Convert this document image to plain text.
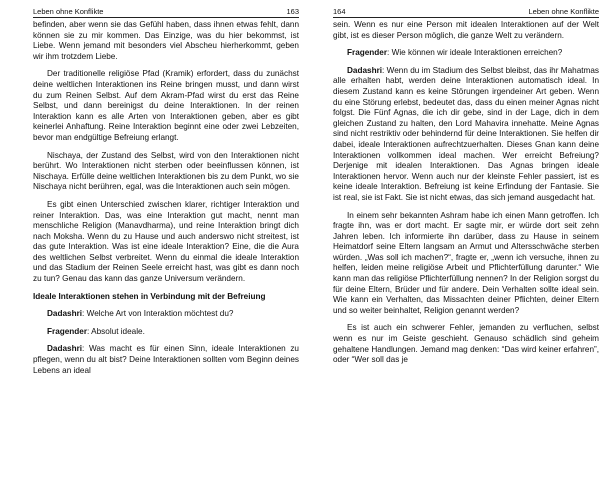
Leben ohne Konflikte	163

befinden, aber wenn sie das Gefühl haben, dass ihnen etwas fehlt, dann können sie zu mir kommen. Das Einzige, was du hier bekommst, ist Liebe. Wenn jemand mit besonders viel Abscheu hierherkommt, geben wir ihm trotzdem Liebe.

Der traditionelle religiöse Pfad (Kramik) erfordert, dass du zunächst deine weltlichen Interaktionen ins Reine bringen musst, und dann wirst du zum Reinen Selbst. Auf dem Akram-Pfad wirst du erst das Reine Selbst, und dann bereinigst du deine Interaktionen. In der reinen Interaktion kann es alle Arten von Interaktionen geben, aber es gibt keinerlei Anhaftung. Reine Interaktion beginnt eine oder zwei Lebzeiten, bevor man endgültige Befreiung erlangt.

Nischaya, der Zustand des Selbst, wird von den Interaktionen nicht berührt. Wo Interaktionen nicht sterben oder beeinflussen können, ist Nischaya. Erfülle deine weltlichen Interaktionen bis zu dem Punkt, wo sie Nischaya nicht berühren, egal, was die Interaktionen auch sein mögen.

Es gibt einen Unterschied zwischen klarer, richtiger Interaktion und reiner Interaktion. Das, was eine Interaktion gut macht, nennt man menschliche Religion (Manavdharma), und reine Interaktion bringt dich nach Moksha. Wenn du zu Hause und auch anderswo nicht streitest, ist das gute Interaktion. Was ist eine ideale Interaktion? Eine, die die Aura des weltlichen Selbst verbreitet. Wenn du einmal die ideale Interaktion und das Stadium der Reinen Seele erreicht hast, was gibt es dann noch zu tun? Genau das kann das ganze Universum verändern.

Ideale Interaktionen stehen in Verbindung mit der Befreiung

Dadashri: Welche Art von Interaktion möchtest du?

Fragender: Absolut ideale.

Dadashri: Was macht es für einen Sinn, ideale Interaktionen zu pflegen, wenn du alt bist? Deine Interaktionen sollten vom Beginn deines Lebens an ideal

164	Leben ohne Konflikte

sein. Wenn es nur eine Person mit idealen Interaktionen auf der Welt gibt, ist es dieser Person möglich, die ganze Welt zu verändern.

Fragender: Wie können wir ideale Interaktionen erreichen?

Dadashri: Wenn du im Stadium des Selbst bleibst, das ihr Mahatmas alle erhalten habt, werden deine Interaktionen automatisch ideal. In diesem Zustand kann es keine Störungen irgendeiner Art geben. Wenn du eine Störung erlebst, bedeutet das, dass du einen meiner Agnas nicht folgst. Die Fünf Agnas, die ich dir gebe, sind in der Lage, dich in dem gleichen Zustand zu halten, den Lord Mahavira innehatte. Meine Agnas sind nicht restriktiv oder behindernd für deine Interaktionen. Sie helfen dir dabei, ideale Interaktionen aufrechtzuerhalten. Dieses Gnan kann deine Interaktionen vollkommen ideal machen. Wer erreicht Befreiung? Derjenige mit idealen Interaktionen. Das Agnas bringen ideale Interaktionen hervor. Wenn auch nur der kleinste Fehler passiert, ist es keine ideale Interaktion. Befreiung ist keine Erfindung der Fantasie. Sie ist real, sie ist Fakt. Sie ist nicht etwas, das sich jemand ausgedacht hat.

In einem sehr bekannten Ashram habe ich einen Mann getroffen. Ich fragte ihn, was er dort macht. Er sagte mir, er würde dort seit zehn Jahren leben. Ich informierte ihn darüber, dass zu Hause in seinem Heimatdorf seine Eltern langsam an Armut und Altersschwäche sterben würden. „Was soll ich machen?“, fragte er, „wenn ich versuche, ihnen zu helfen, leiden meine religiöse Arbeit und Pflichterfüllung darunter.“ Wie kann man das religiöse Pflichterfüllung nennen? In der Religion sorgst du für deine Eltern, Brüder und für andere. Dein Verhalten sollte ideal sein. Wie kann ein Verhalten, das Missachten deiner Pflichten, deiner Eltern und so weiter beinhaltet, Religion genannt werden?

Es ist auch ein schwerer Fehler, jemanden zu verfluchen, selbst wenn es nur im Geiste geschieht. Genauso schädlich sind geheim gehaltene Handlungen. Jemand mag denken: “Das wird keiner erfahren”, oder “Wer soll das je
